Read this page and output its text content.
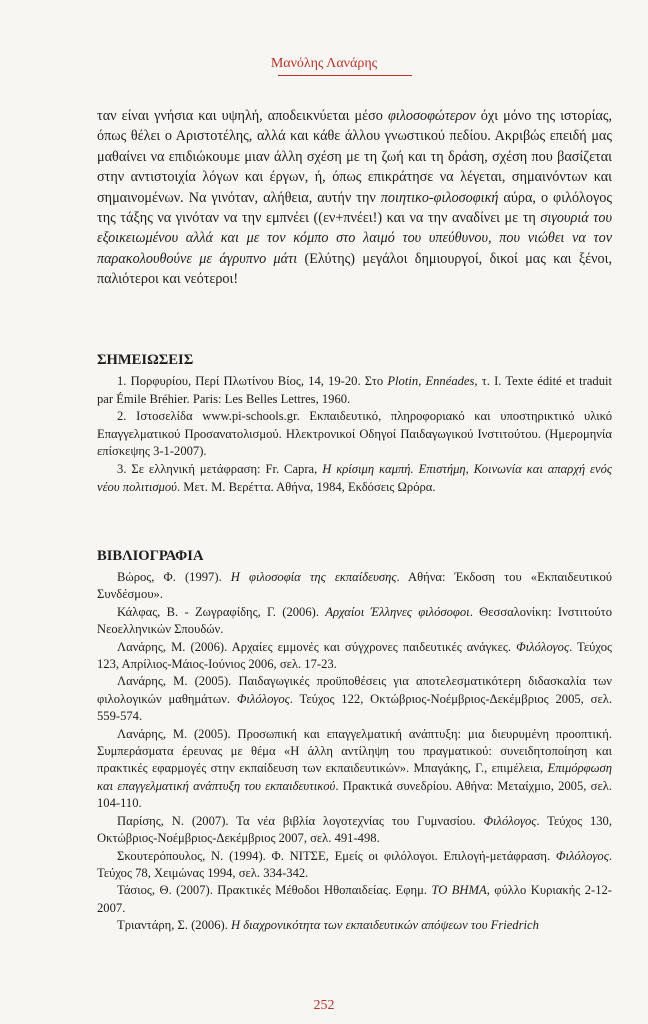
Μανόλης Λανάρης

ταν είναι γνήσια και υψηλή, αποδεικνύεται μέσο φιλοσοφώτερον όχι μόνο της ιστορίας, όπως θέλει ο Αριστοτέλης, αλλά και κάθε άλλου γνωστικού πεδίου. Ακριβώς επειδή μας μαθαίνει να επιδιώκουμε μιαν άλλη σχέση με τη ζωή και τη δράση, σχέση που βασίζεται στην αντιστοιχία λόγων και έργων, ή, όπως επικράτησε να λέγεται, σημαινόντων και σημαινομένων. Να γινόταν, αλήθεια, αυτήν την ποιητικο-φιλοσοφική αύρα, ο φιλόλογος της τάξης να γινόταν να την εμπνέει ((εν+πνέει!) και να την αναδίνει με τη σιγουριά του εξοικειωμένου αλλά και με τον κόμπο στο λαιμό του υπεύθυνου, που νιώθει να τον παρακολουθούνε με άγρυπνο μάτι (Ελύτης) μεγάλοι δημιουργοί, δικοί μας και ξένοι, παλιότεροι και νεότεροι!

ΣΗΜΕΙΩΣΕΙΣ

1. Πορφυρίου, Περί Πλωτίνου Βίος, 14, 19-20. Στο Plotin, Ennéades, τ. I. Texte édité et traduit par Émile Bréhier. Paris: Les Belles Lettres, 1960.

2. Ιστοσελίδα www.pi-schools.gr. Εκπαιδευτικό, πληροφοριακό και υποστηρικτικό υλικό Επαγγελματικού Προσανατολισμού. Ηλεκτρονικοί Οδηγοί Παιδαγωγικού Ινστιτούτου. (Ημερομηνία επίσκεψης 3-1-2007).

3. Σε ελληνική μετάφραση: Fr. Capra, Η κρίσιμη καμπή. Επιστήμη, Κοινωνία και απαρχή ενός νέου πολιτισμού. Μετ. Μ. Βερέττα. Αθήνα, 1984, Εκδόσεις Ωρόρα.

ΒΙΒΛΙΟΓΡΑΦΙΑ

Βώρος, Φ. (1997). Η φιλοσοφία της εκπαίδευσης. Αθήνα: Έκδοση του «Εκπαιδευτικού Συνδέσμου».

Κάλφας, Β. - Ζωγραφίδης, Γ. (2006). Αρχαίοι Έλληνες φιλόσοφοι. Θεσσαλονίκη: Ινστιτούτο Νεοελληνικών Σπουδών.

Λανάρης, Μ. (2006). Αρχαίες εμμονές και σύγχρονες παιδευτικές ανάγκες. Φιλόλογος. Τεύχος 123, Απρίλιος-Μάιος-Ιούνιος 2006, σελ. 17-23.

Λανάρης, Μ. (2005). Παιδαγωγικές προϋποθέσεις για αποτελεσματικότερη διδασκαλία των φιλολογικών μαθημάτων. Φιλόλογος. Τεύχος 122, Οκτώβριος-Νοέμβριος-Δεκέμβριος 2005, σελ. 559-574.

Λανάρης, Μ. (2005). Προσωπική και επαγγελματική ανάπτυξη: μια διευρυμένη προοπτική. Συμπεράσματα έρευνας με θέμα «Η άλλη αντίληψη του πραγματικού: συνειδητοποίηση και πρακτικές εφαρμογές στην εκπαίδευση των εκπαιδευτικών». Μπαγάκης, Γ., επιμέλεια, Επιμόρφωση και επαγγελματική ανάπτυξη του εκπαιδευτικού. Πρακτικά συνεδρίου. Αθήνα: Μεταίχμιο, 2005, σελ. 104-110.

Παρίσης, Ν. (2007). Τα νέα βιβλία λογοτεχνίας του Γυμνασίου. Φιλόλογος. Τεύχος 130, Οκτώβριος-Νοέμβριος-Δεκέμβριος 2007, σελ. 491-498.

Σκουτερόπουλος, Ν. (1994). Φ. ΝΙΤΣΕ, Εμείς οι φιλόλογοι. Επιλογή-μετάφραση. Φιλόλογος. Τεύχος 78, Χειμώνας 1994, σελ. 334-342.

Τάσιος, Θ. (2007). Πρακτικές Μέθοδοι Ηθοπαιδείας. Εφημ. ΤΟ ΒΗΜΑ, φύλλο Κυριακής 2-12-2007.

Τριαντάρη, Σ. (2006). Η διαχρονικότητα των εκπαιδευτικών απόψεων του Friedrich

252
